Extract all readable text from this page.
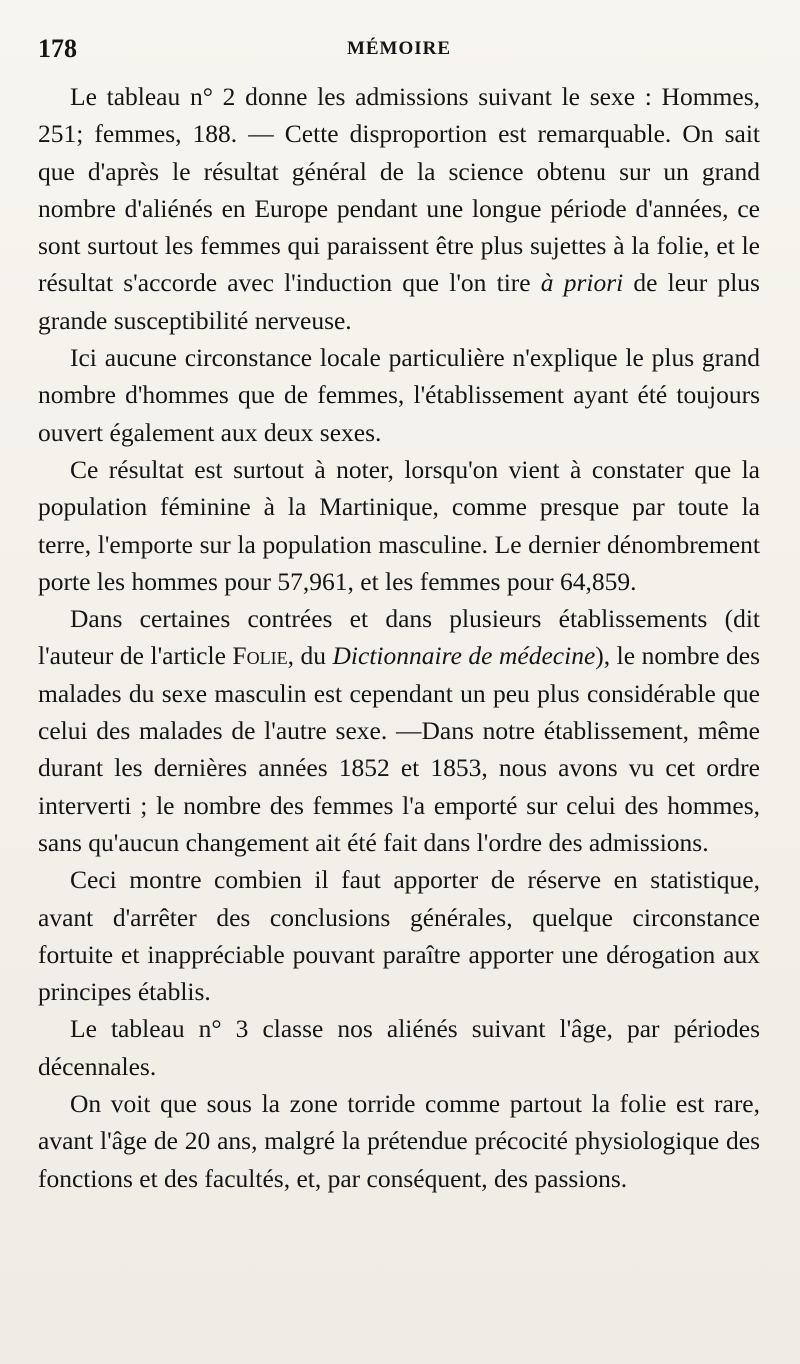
178	MÉMOIRE

Le tableau n° 2 donne les admissions suivant le sexe : Hommes, 251; femmes, 188. — Cette disproportion est remarquable. On sait que d'après le résultat général de la science obtenu sur un grand nombre d'aliénés en Europe pendant une longue période d'années, ce sont surtout les femmes qui paraissent être plus sujettes à la folie, et le résultat s'accorde avec l'induction que l'on tire à priori de leur plus grande susceptibilité nerveuse.

Ici aucune circonstance locale particulière n'explique le plus grand nombre d'hommes que de femmes, l'établissement ayant été toujours ouvert également aux deux sexes.

Ce résultat est surtout à noter, lorsqu'on vient à constater que la population féminine à la Martinique, comme presque par toute la terre, l'emporte sur la population masculine. Le dernier dénombrement porte les hommes pour 57,961, et les femmes pour 64,859.

Dans certaines contrées et dans plusieurs établissements (dit l'auteur de l'article Folie, du Dictionnaire de médecine), le nombre des malades du sexe masculin est cependant un peu plus considérable que celui des malades de l'autre sexe. —Dans notre établissement, même durant les dernières années 1852 et 1853, nous avons vu cet ordre interverti ; le nombre des femmes l'a emporté sur celui des hommes, sans qu'aucun changement ait été fait dans l'ordre des admissions.

Ceci montre combien il faut apporter de réserve en statistique, avant d'arrêter des conclusions générales, quelque circonstance fortuite et inappréciable pouvant paraître apporter une dérogation aux principes établis.

Le tableau n° 3 classe nos aliénés suivant l'âge, par périodes décennales.

On voit que sous la zone torride comme partout la folie est rare, avant l'âge de 20 ans, malgré la prétendue précocité physiologique des fonctions et des facultés, et, par conséquent, des passions.
